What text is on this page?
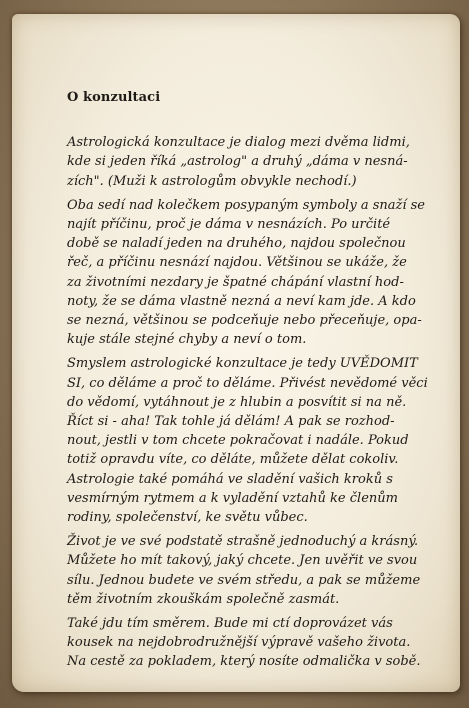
O konzultaci
Astrologická konzultace je dialog mezi dvěma lidmi,
kde si jeden říká „astrolog" a druhý „dáma v nesná-
zích". (Muži k astrologům obvykle nechodí.)
Oba sedí nad kolečkem posypaným symboly a snaží se
najít příčinu, proč je dáma v nesnázích. Po určité
době se naladí jeden na druhého, najdou společnou
řeč, a příčinu nesnází najdou. Většinou se ukáže, že
za životními nezdary je špatné chápání vlastní hod-
noty, že se dáma vlastně nezná a neví kam jde. A kdo
se nezná, většinou se podceňuje nebo přeceňuje, opa-
kuje stále stejné chyby a neví o tom.
Smyslem astrologické konzultace je tedy UVĚDOMIT
SI, co děláme a proč to děláme. Přivést nevědomé věci
do vědomí, vytáhnout je z hlubin a posvítit si na ně.
Říct si - aha! Tak tohle já dělám! A pak se rozhod-
nout, jestli v tom chcete pokračovat i nadále. Pokud
totiž opravdu víte, co děláte, můžete dělat cokoliv.
Astrologie také pomáhá ve sladění vašich kroků s
vesmírným rytmem a k vyladění vztahů ke členům
rodiny, společenství, ke světu vůbec.
Život je ve své podstatě strašně jednoduchý a krásný.
Můžete ho mít takový, jaký chcete. Jen uvěřit ve svou
sílu. Jednou budete ve svém středu, a pak se můžeme
těm životním zkouškám společně zasmát.
Také jdu tím směrem. Bude mi ctí doprovázet vás
kousek na nejdobrodružnější výpravě vašeho života.
Na cestě za pokladem, který nosíte odmalička v sobě.
